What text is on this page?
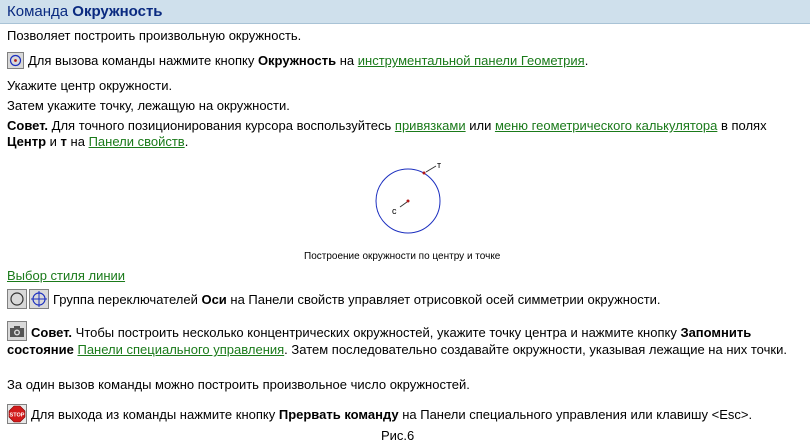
Команда Окружность
Позволяет построить произвольную окружность.
Для вызова команды нажмите кнопку Окружность на инструментальной панели Геометрия.
Укажите центр окружности.
Затем укажите точку, лежащую на окружности.
Совет. Для точного позиционирования курсора воспользуйтесь привязками или меню геометрического калькулятора в полях Центр и т на Панели свойств.
c
т
Построение окружности по центру и точке
Выбор стиля линии
Группа переключателей Оси на Панели свойств управляет отрисовкой осей симметрии окружности.
Совет. Чтобы построить несколько концентрических окружностей, укажите точку центра и нажмите кнопку Запомнить состояние Панели специального управления. Затем последовательно создавайте окружности, указывая лежащие на них точки.
За один вызов команды можно построить произвольное число окружностей.
STOP Для выхода из команды нажмите кнопку Прервать команду на Панели специального управления или клавишу <Esc>.
Рис.6
